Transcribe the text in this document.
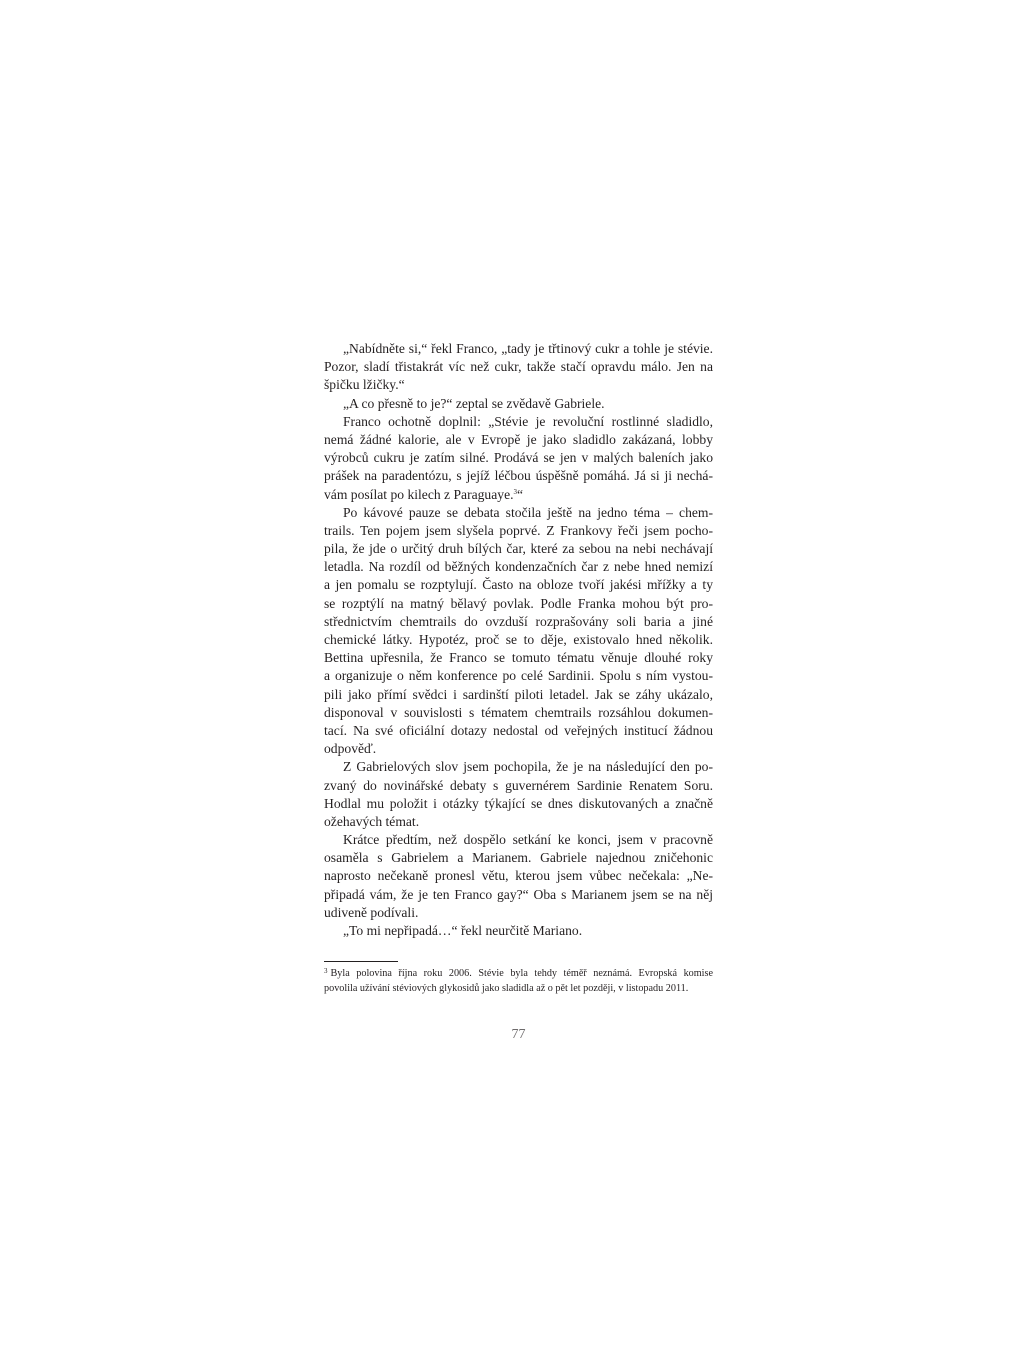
„Nabídněte si,“ řekl Franco, „tady je třtinový cukr a tohle je stévie.
Pozor, sladí třistakrát víc než cukr, takže stačí opravdu málo. Jen na
špičku lžičky.“
„A co přesně to je?“ zeptal se zvědavě Gabriele.
Franco ochotně doplnil: „Stévie je revoluční rostlinné sladidlo,
nemá žádné kalorie, ale v Evropě je jako sladidlo zakázaná, lobby
výrobců cukru je zatím silné. Prodává se jen v malých baleních jako
prášek na paradentózu, s jejíž léčbou úspěšně pomáhá. Já si ji nechá-
vám posílat po kilech z Paraguaye.$^3$“
Po kávové pauze se debata stočila ještě na jedno téma – chem-
trails. Ten pojem jsem slyšela poprvé. Z Frankovy řeči jsem pocho-
pila, že jde o určitý druh bílých čar, které za sebou na nebi nechávají
letadla. Na rozdíl od běžných kondenzačních čar z nebe hned nemizí
a jen pomalu se rozptylují. Často na obloze tvoří jakési mřížky a ty
se rozptýlí na matný bělavý povlak. Podle Franka mohou být pro-
střednictvím chemtrails do ovzduší rozprašovány soli baria a jiné
chemické látky. Hypotéz, proč se to děje, existovalo hned několik.
Bettina upřesnila, že Franco se tomuto tématu věnuje dlouhé roky
a organizuje o něm konference po celé Sardinii. Spolu s ním vystou-
pili jako přímí svědci i sardinští piloti letadel. Jak se záhy ukázalo,
disponoval v souvislosti s tématem chemtrails rozsáhlou dokumen-
tací. Na své oficiální dotazy nedostal od veřejných institucí žádnou
odpověď.
Z Gabrielových slov jsem pochopila, že je na následující den po-
zvaný do novinářské debaty s guvernérem Sardinie Renatem Soru.
Hodlal mu položit i otázky týkající se dnes diskutovaných a značně
ožehavých témat.
Krátce předtím, než dospělo setkání ke konci, jsem v pracovně
osaměla s Gabrielem a Marianem. Gabriele najednou zničehonic
naprosto nečekaně pronesl větu, kterou jsem vůbec nečekala: „Ne-
připadá vám, že je ten Franco gay?“ Oba s Marianem jsem se na něj
udiveně podívali.
„To mi nepřipadá…“ řekl neurčitě Mariano.
$^3$ Byla polovina října roku 2006. Stévie byla tehdy téměř neznámá. Evropská komise
povolila užívání stéviových glykosidů jako sladidla až o pět let později, v listopadu 2011.
77
